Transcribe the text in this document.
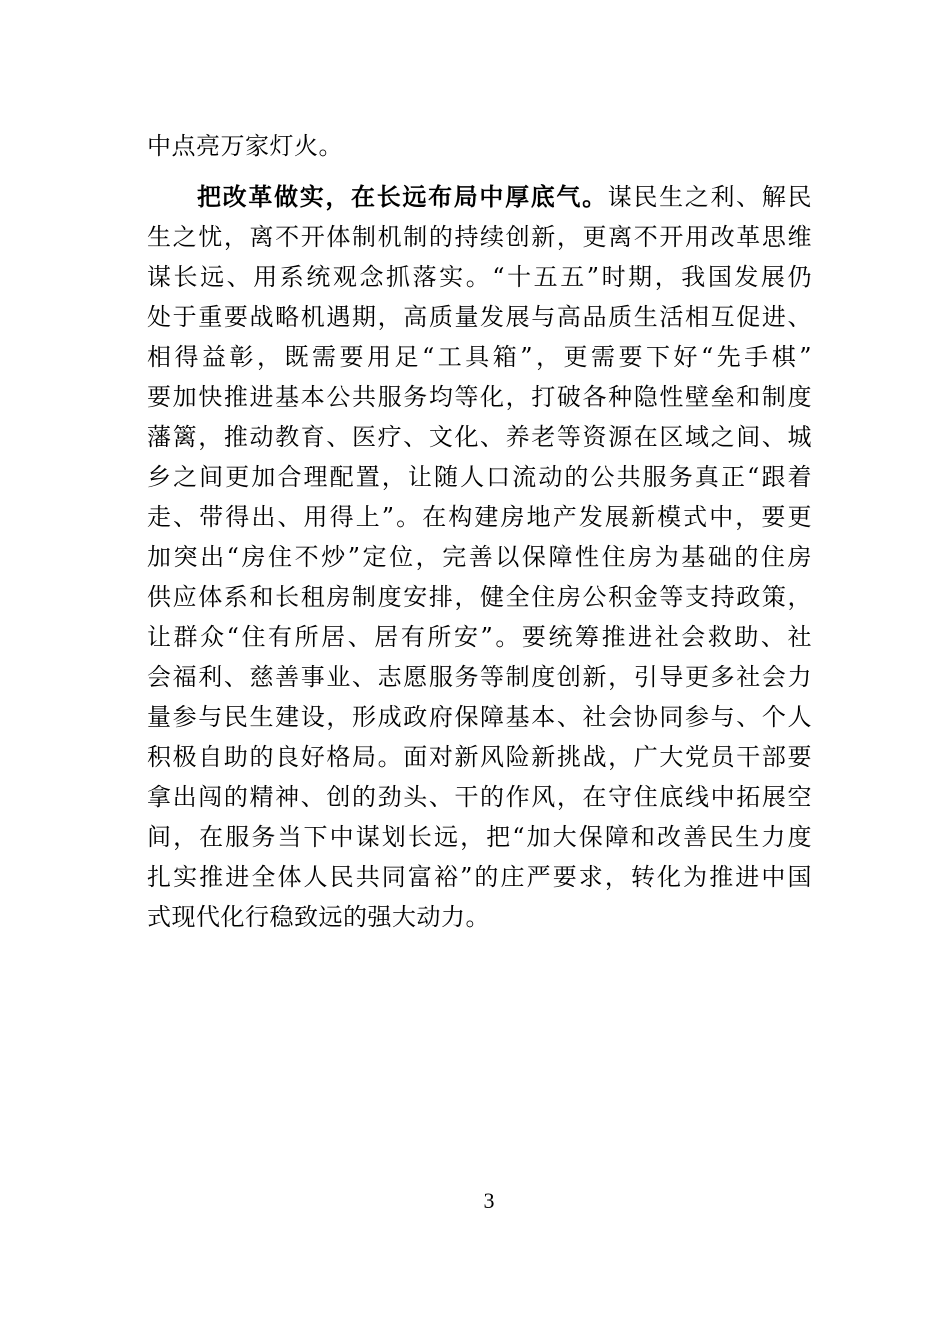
中点亮万家灯火。
把改革做实，在长远布局中厚底气。谋民生之利、解民
生之忧，离不开体制机制的持续创新，更离不开用改革思维
谋长远、用系统观念抓落实。“十五五”时期，我国发展仍
处于重要战略机遇期，高质量发展与高品质生活相互促进、
相得益彰，既需要用足“工具箱”，更需要下好“先手棋”
要加快推进基本公共服务均等化，打破各种隐性壁垒和制度
藩篱，推动教育、医疗、文化、养老等资源在区域之间、城
乡之间更加合理配置，让随人口流动的公共服务真正“跟着
走、带得出、用得上”。在构建房地产发展新模式中，要更
加突出“房住不炒”定位，完善以保障性住房为基础的住房
供应体系和长租房制度安排，健全住房公积金等支持政策，
让群众“住有所居、居有所安”。要统筹推进社会救助、社
会福利、慈善事业、志愿服务等制度创新，引导更多社会力
量参与民生建设，形成政府保障基本、社会协同参与、个人
积极自助的良好格局。面对新风险新挑战，广大党员干部要
拿出闯的精神、创的劲头、干的作风，在守住底线中拓展空
间，在服务当下中谋划长远，把“加大保障和改善民生力度
扎实推进全体人民共同富裕”的庄严要求，转化为推进中国
式现代化行稳致远的强大动力。
3
